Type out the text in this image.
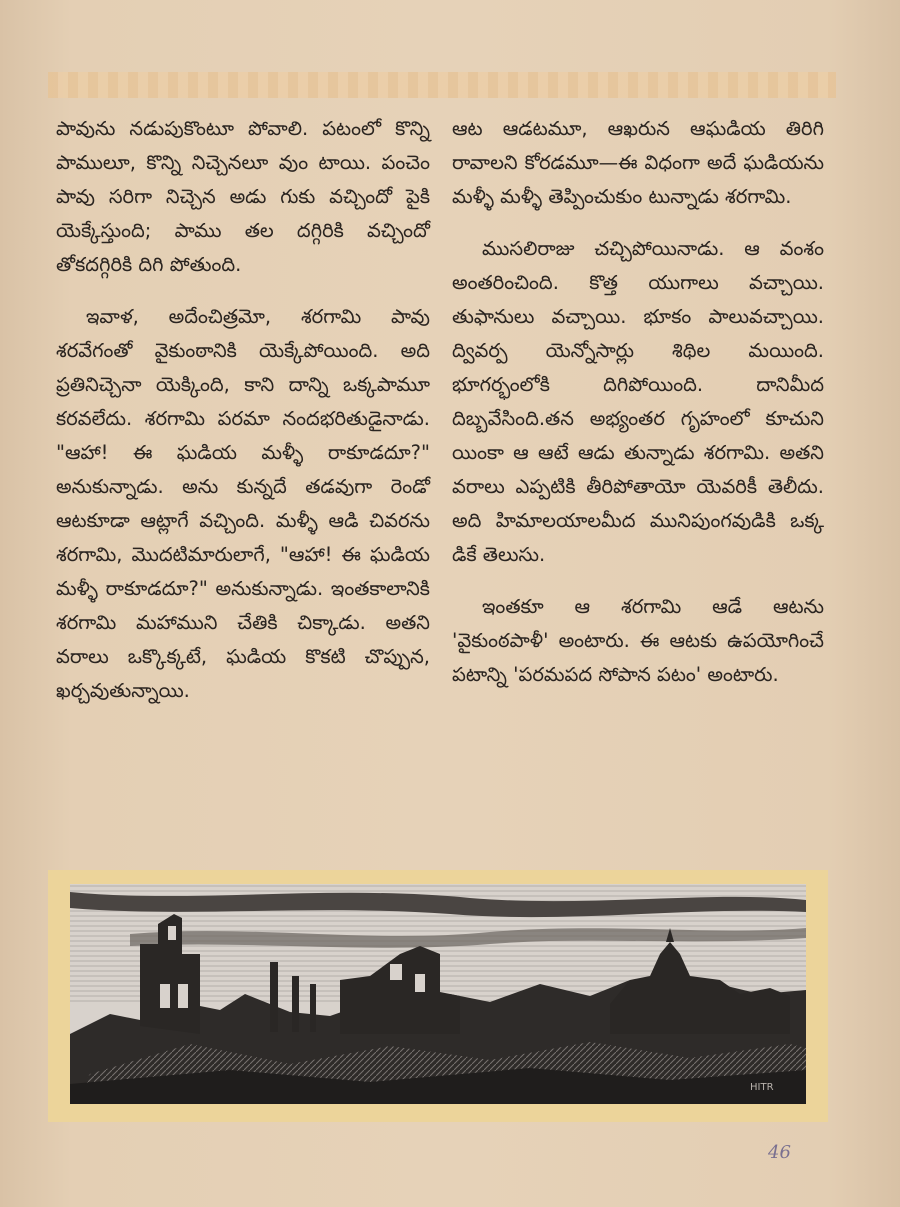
పావును నడుపుకొంటూ పోవాలి. పటంలో కొన్ని పాములూ, కొన్ని నిచ్చెనలూ వుం టాయి. పంచెం పావు సరిగా నిచ్చెన అడు గుకు వచ్చిందో పైకి యెక్కేస్తుంది; పాము తల దగ్గిరికి వచ్చిందో తోకదగ్గిరికి దిగి పోతుంది.

ఇవాళ, అదేంచిత్రమో, శరగామి పావు శరవేగంతో వైకుంఠానికి యెక్కేపోయింది. అది ప్రతినిచ్చెనా యెక్కింది, కాని దాన్ని ఒక్కపామూ కరవలేదు. శరగామి పరమా నందభరితుడైనాడు. "ఆహా! ఈ ఘడియ మళ్ళీ రాకూడదూ?" అనుకున్నాడు. అను కున్నదే తడవుగా రెండో ఆటకూడా ఆట్లాగే వచ్చింది. మళ్ళీ ఆడి చివరను శరగామి, మొదటిమారులాగే, "ఆహా! ఈ ఘడియ మళ్ళీ రాకూడదూ?" అనుకున్నాడు. ఇంతకాలానికి శరగామి మహాముని చేతికి చిక్కాడు. అతని వరాలు ఒక్కొక్కటే, ఘడియ కొకటి చొప్పున, ఖర్చవుతున్నాయి.

ఆట ఆడటమూ, ఆఖరున ఆఘడియ తిరిగి రావాలని కోరడమూ—ఈ విధంగా అదే ఘడియను మళ్ళీ మళ్ళీ తెప్పించుకుం టున్నాడు శరగామి.

ముసలిరాజు చచ్చిపోయినాడు. ఆ వంశం అంతరించింది. కొత్త యుగాలు వచ్చాయి. తుఫానులు వచ్చాయి. భూకం పాలువచ్చాయి. ద్వివర్ప యెన్నోసార్లు శిథిల మయింది. భూగర్భంలోకి దిగిపోయింది. దానిమీద దిబ్బవేసింది.తన అభ్యంతర గృహంలో కూచుని యింకా ఆ ఆటే ఆడు తున్నాడు శరగామి. అతని వరాలు ఎప్పటికి తీరిపోతాయో యెవరికీ తెలీదు. అది హిమాలయాలమీద మునిపుంగవుడికి ఒక్క డికే తెలుసు.

ఇంతకూ ఆ శరగామి ఆడే ఆటను 'వైకుంఠపాళీ' అంటారు. ఈ ఆటకు ఉపయోగించే పటాన్ని 'పరమపద సోపాన పటం' అంటారు.

HITR
46
